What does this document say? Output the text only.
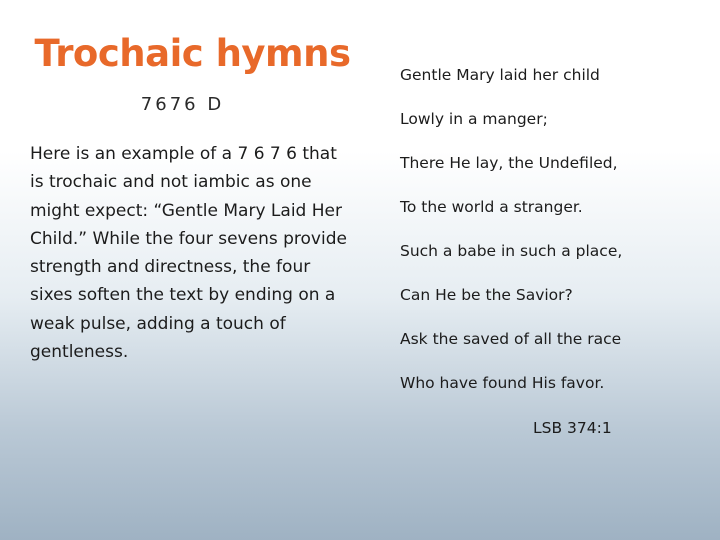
Trochaic hymns
7676 D

Here is an example of a 7 6 7 6 that is trochaic and not iambic as one might expect: “Gentle Mary Laid Her Child.” While the four sevens provide strength and directness, the four sixes soften the text by ending on a weak pulse, adding a touch of gentleness.

Gentle Mary laid her child
Lowly in a manger;
There He lay, the Undefiled,
To the world a stranger.
Such a babe in such a place,
Can He be the Savior?
Ask the saved of all the race
Who have found His favor.
LSB 374:1
